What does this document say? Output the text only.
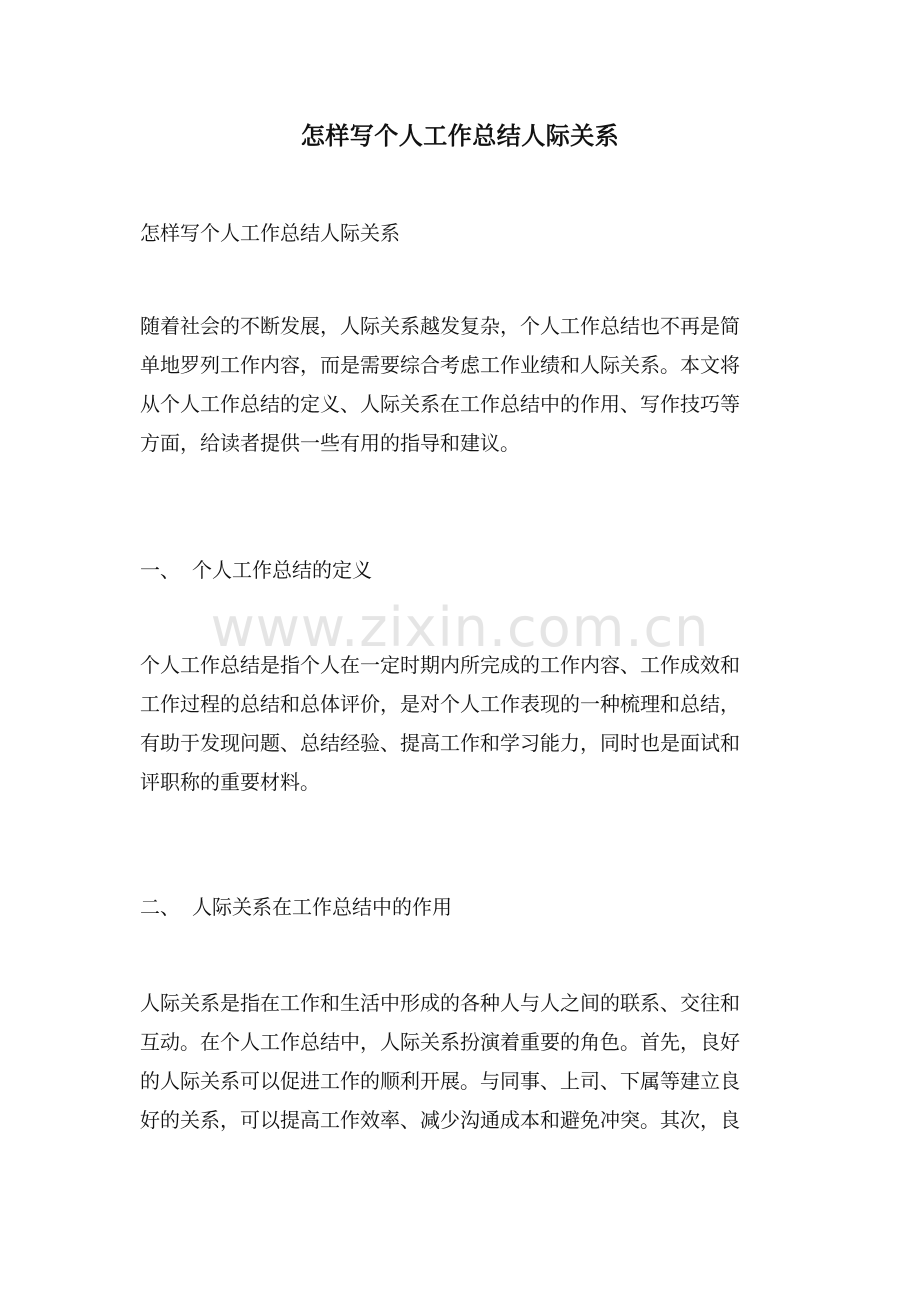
怎样写个人工作总结人际关系
怎样写个人工作总结人际关系
随着社会的不断发展，人际关系越发复杂，个人工作总结也不再是简
单地罗列工作内容，而是需要综合考虑工作业绩和人际关系。本文将
从个人工作总结的定义、人际关系在工作总结中的作用、写作技巧等
方面，给读者提供一些有用的指导和建议。
一、 个人工作总结的定义
个人工作总结是指个人在一定时期内所完成的工作内容、工作成效和
工作过程的总结和总体评价，是对个人工作表现的一种梳理和总结，
有助于发现问题、总结经验、提高工作和学习能力，同时也是面试和
评职称的重要材料。
二、 人际关系在工作总结中的作用
人际关系是指在工作和生活中形成的各种人与人之间的联系、交往和
互动。在个人工作总结中，人际关系扮演着重要的角色。首先，良好
的人际关系可以促进工作的顺利开展。与同事、上司、下属等建立良
好的关系，可以提高工作效率、减少沟通成本和避免冲突。其次，良
www.zixin.com.cn
